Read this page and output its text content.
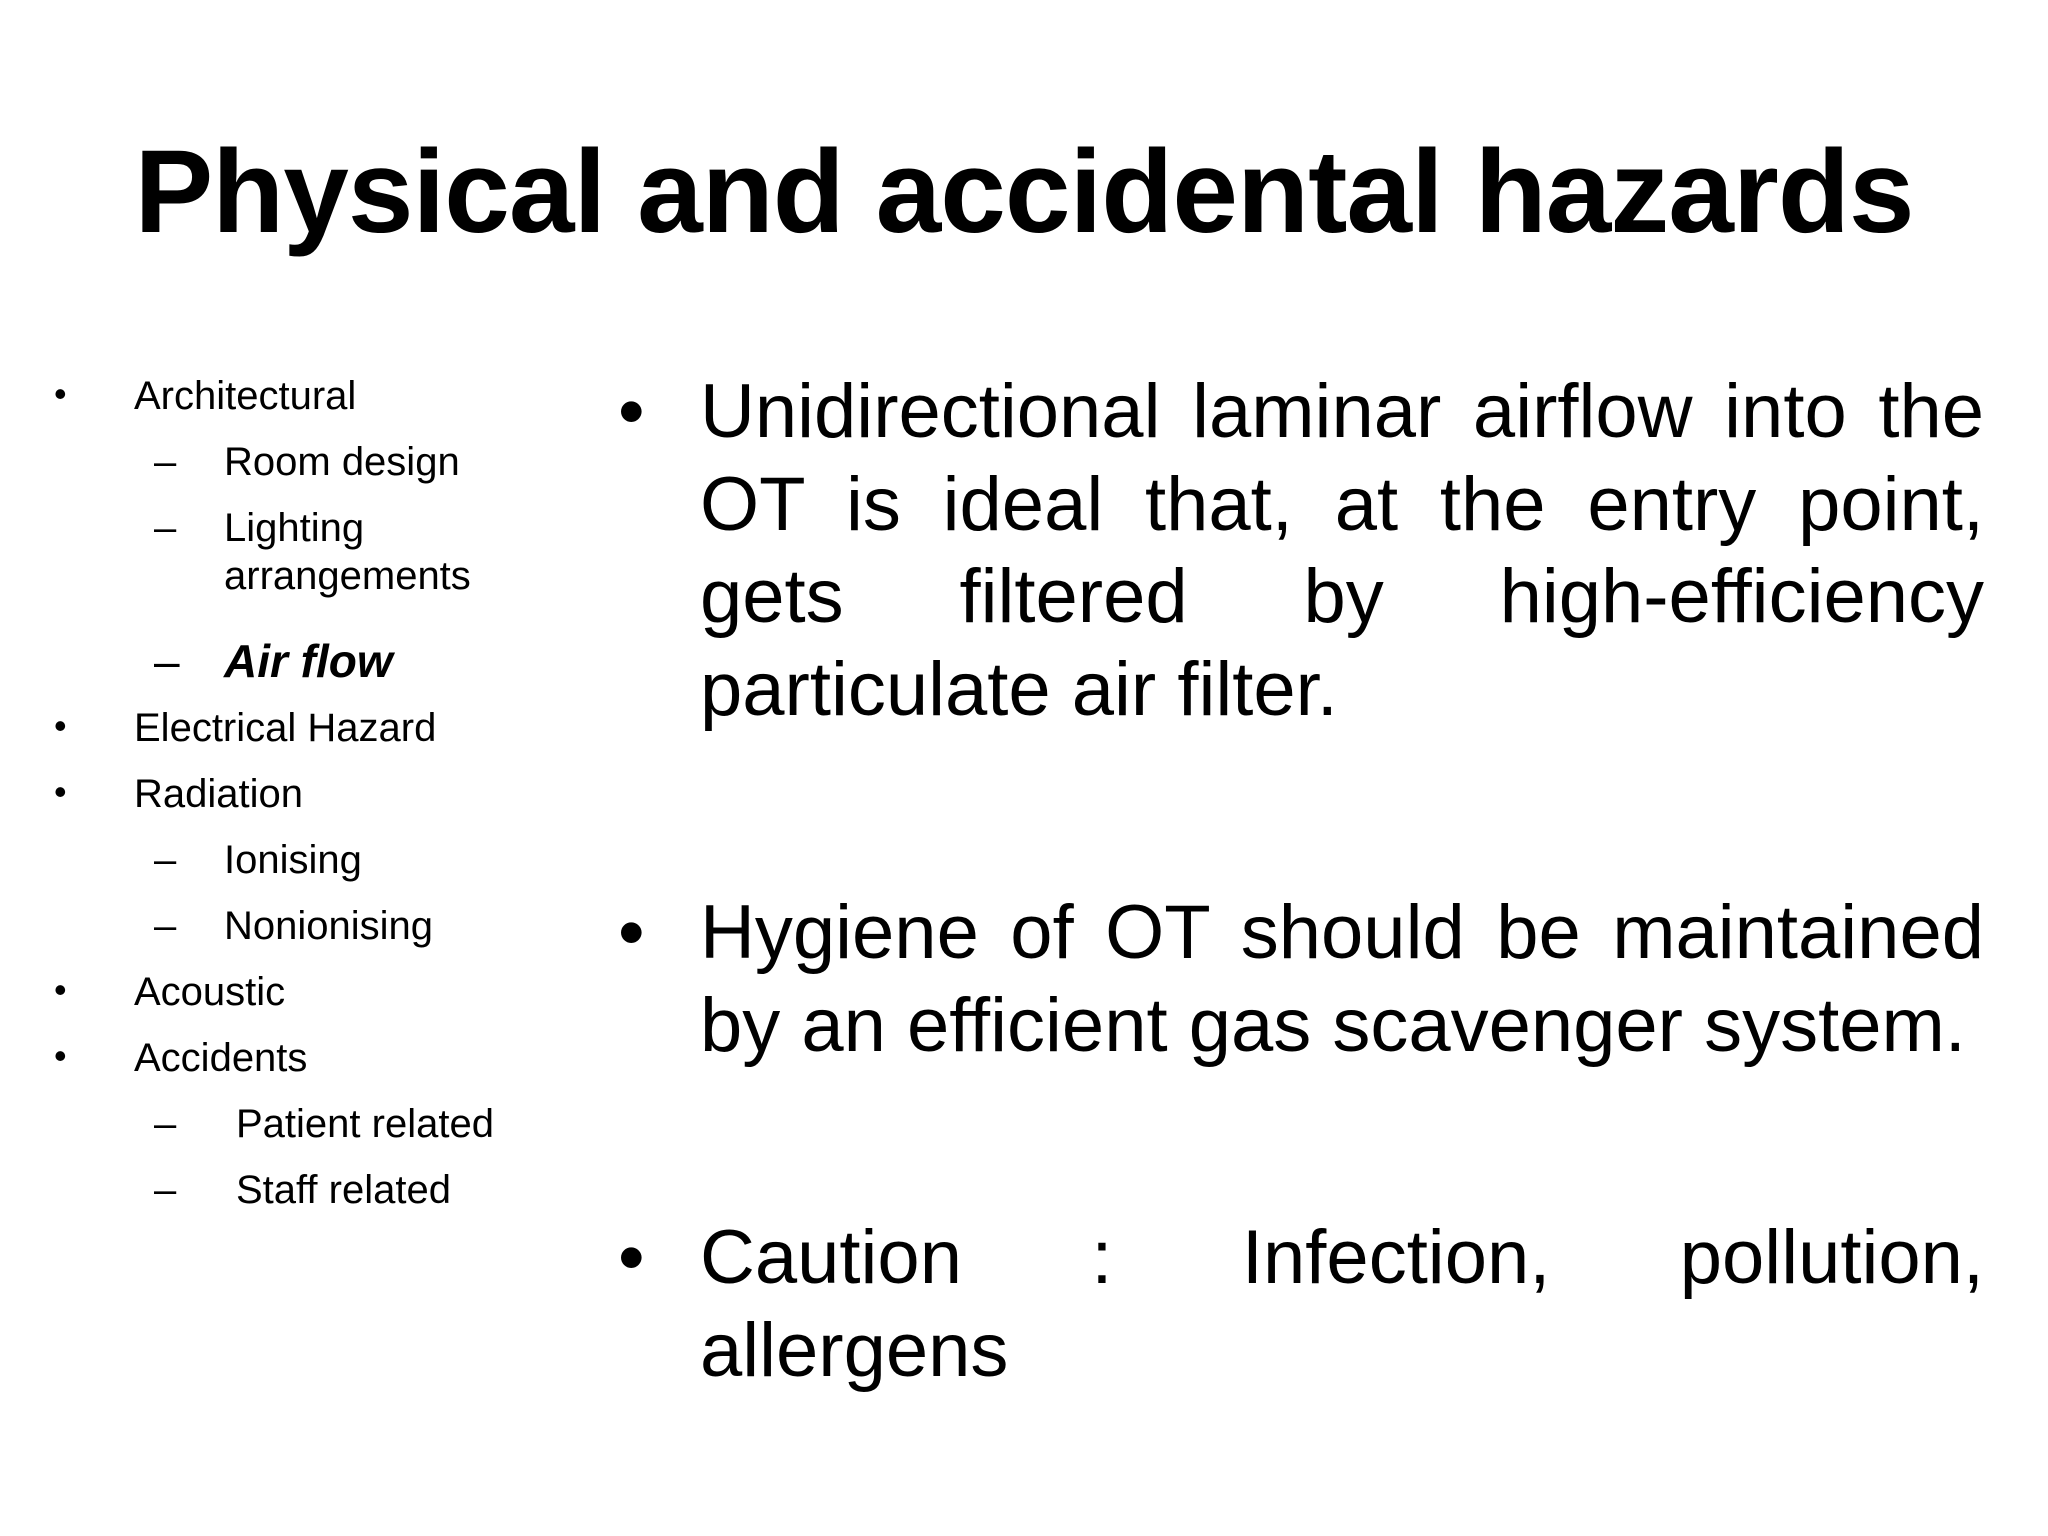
Physical and accidental hazards
• Architectural
– Room design
– Lighting arrangements
– Air flow
• Electrical Hazard
• Radiation
– Ionising
– Nonionising
• Acoustic
• Accidents
– Patient related
– Staff related
• Unidirectional laminar airflow into the OT is ideal that, at the entry point, gets filtered by high-efficiency particulate air filter.
• Hygiene of OT should be maintained by an efficient gas scavenger system.
• Caution : Infection, pollution, allergens
